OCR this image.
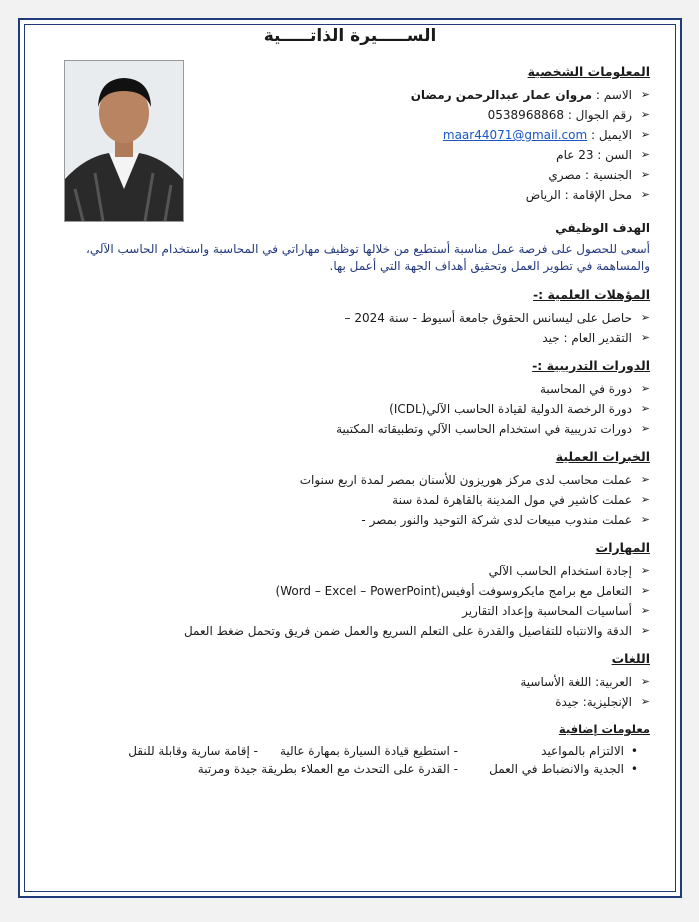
الســـــيرة الذاتـــــية
المعلومات الشخصية
➢ الاسم : مروان عمار عبدالرحمن رمضان
➢ رقم الجوال : 0538968868
➢ الايميل : maar44071@gmail.com
➢ السن : 23 عام
➢ الجنسية : مصري
➢ محل الإقامة : الرياض
الهدف الوظيفي
أسعى للحصول على فرصة عمل مناسبة أستطيع من خلالها توظيف مهاراتي في المحاسبة واستخدام الحاسب الآلي، والمساهمة في تطوير العمل وتحقيق أهداف الجهة التي أعمل بها.
المؤهلات العلمية :-
➢ حاصل على ليسانس الحقوق جامعة أسيوط - سنة 2024 –
➢ التقدير العام : جيد
الدورات التدريبية :-
➢ دورة في المحاسبة
➢ دورة الرخصة الدولية لقيادة الحاسب الآلي(ICDL)
➢ دورات تدريبية في استخدام الحاسب الآلي وتطبيقاته المكتبية
الخبرات العملية
➢ عملت محاسب لدى مركز هوريزون للأسنان بمصر لمدة اربع سنوات
➢ عملت كاشير في مول المدينة بالقاهرة لمدة سنة
➢ عملت مندوب مبيعات لدى شركة التوحيد والنور بمصر -
المهارات
➢ إجادة استخدام الحاسب الآلي
➢ التعامل مع برامج مايكروسوفت أوفيس(Word – Excel – PowerPoint)
➢ أساسيات المحاسبة وإعداد التقارير
➢ الدقة والانتباه للتفاصيل والقدرة على التعلم السريع والعمل ضمن فريق وتحمل ضغط العمل
اللغات
➢ العربية: اللغة الأساسية
➢ الإنجليزية: جيدة
معلومات إضافية
•الالتزام بالمواعيد	- استطيع قيادة السيارة بمهارة عالية	- إقامة سارية وقابلة للنقل
•الجدية والانضباط في العمل	- القدرة على التحدث مع العملاء بطريقة جيدة ومرتبة	
